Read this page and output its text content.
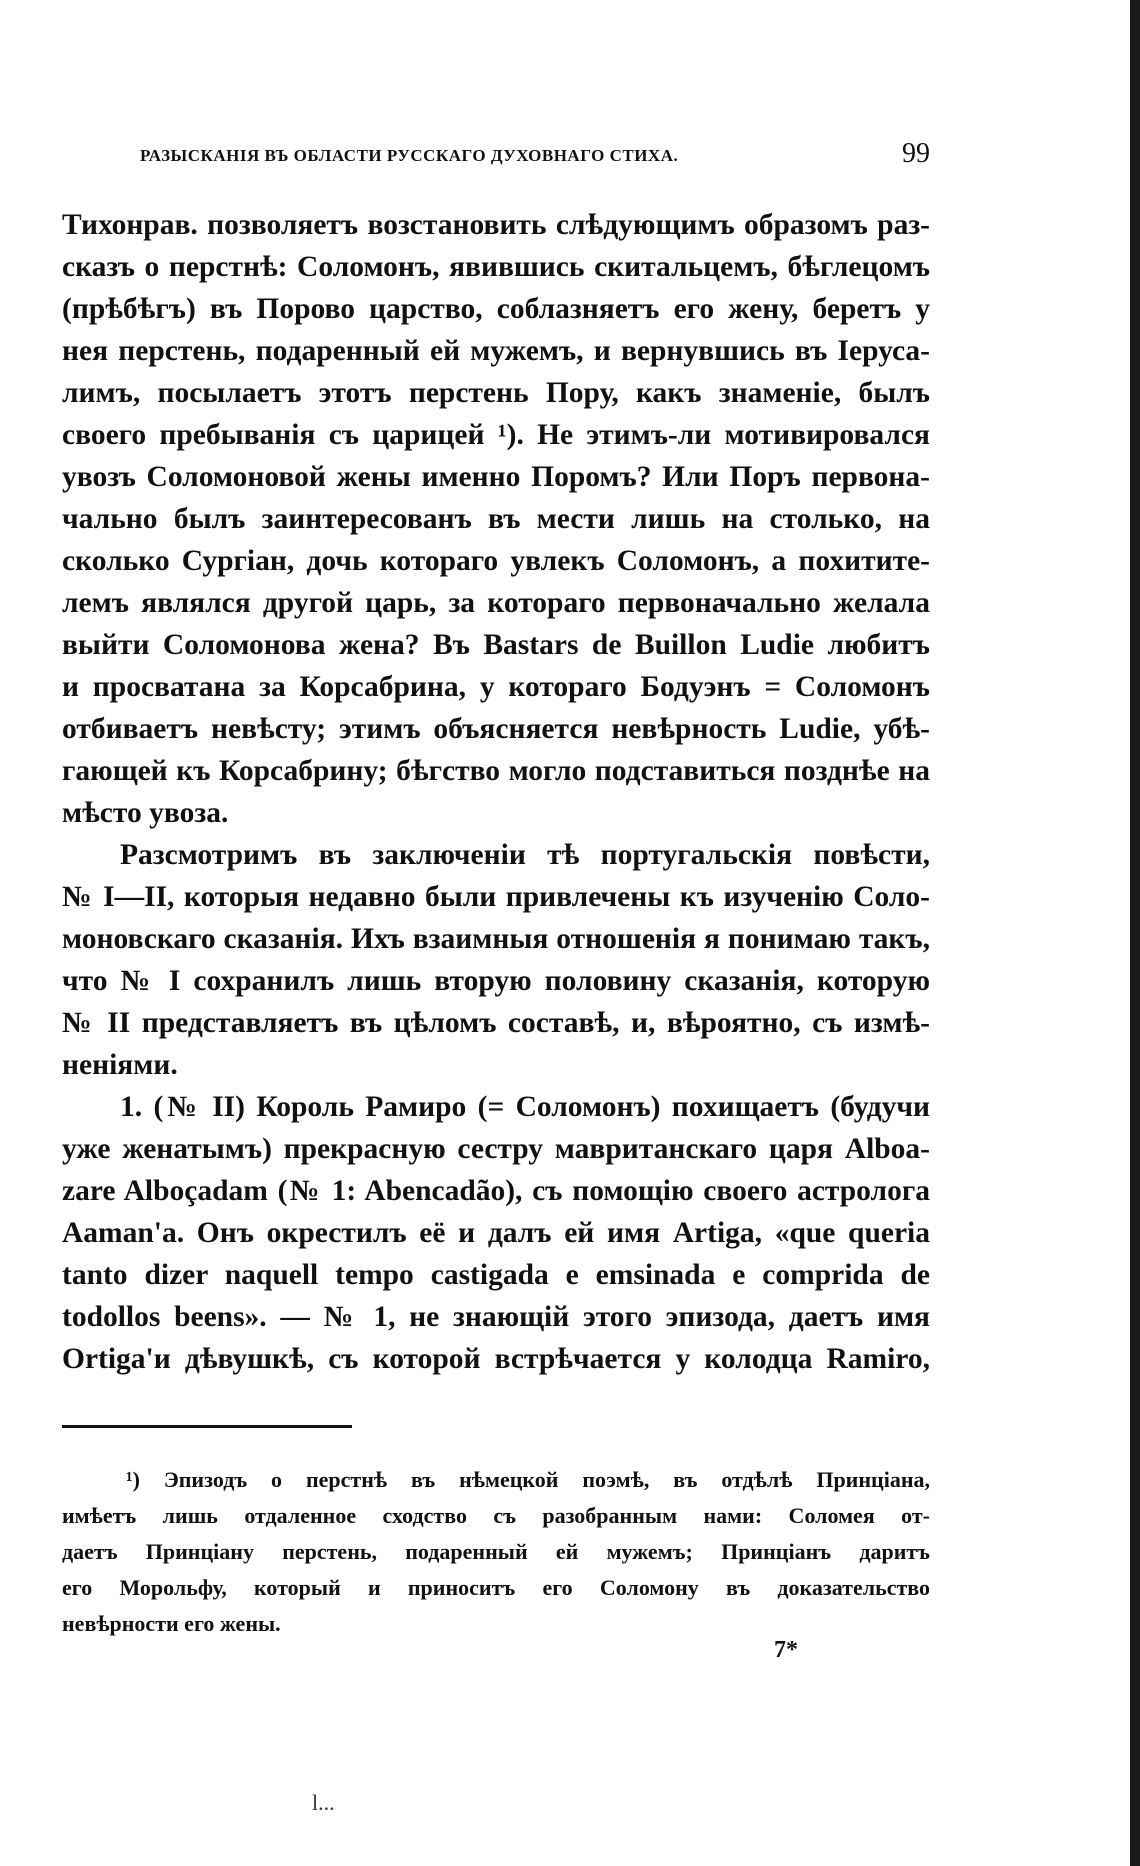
РАЗЫСКАНІЯ ВЪ ОБЛАСТИ РУССКАГО ДУХОВНАГО СТИХА.	99
Тихонрав. позволяетъ возстановить слѣдующимъ образомъ раз-
сказъ о перстнѣ: Соломонъ, явившись скитальцемъ, бѣглецомъ
(прѣбѣгъ) въ Порово царство, соблазняетъ его жену, беретъ у
нея перстень, подаренный ей мужемъ, и вернувшись въ Іеруса-
лимъ, посылаетъ этотъ перстень Пору, какъ знаменіе, былъ
своего пребыванія съ царицей ¹). Не этимъ-ли мотивировался
увозъ Соломоновой жены именно Поромъ? Или Поръ первона-
чально былъ заинтересованъ въ мести лишь на столько, на
сколько Сургіан, дочь котораго увлекъ Соломонъ, а похитите-
лемъ являлся другой царь, за котораго первоначально желала
выйти Соломонова жена? Въ Bastars de Buillon Ludie любитъ
и просватана за Корсабрина, у котораго Бодуэнъ = Соломонъ
отбиваетъ невѣсту; этимъ объясняется невѣрность Ludie, убѣ-
гающей къ Корсабрину; бѣгство могло подставиться позднѣе на
мѣсто увоза.
Разсмотримъ въ заключеніи тѣ португальскія повѣсти,
№ I—II, которыя недавно были привлечены къ изученію Соло-
моновскаго сказанія. Ихъ взаимныя отношенія я понимаю такъ,
что № I сохранилъ лишь вторую половину сказанія, которую
№ II представляетъ въ цѣломъ составѣ, и, вѣроятно, съ измѣ-
неніями.
1. (№ II) Король Рамиро (= Соломонъ) похищаетъ (будучи
уже женатымъ) прекрасную сестру мавританскаго царя Alboa-
zare Alboçadam (№ 1: Abencadão), съ помощію своего астролога
Aaman'a. Онъ окрестилъ её и далъ ей имя Artiga, «que queria
tanto dizer naquell tempo castigada e emsinada e comprida de
todollos beens». — № 1, не знающій этого эпизода, даетъ имя
Ortiga'и дѣвушкѣ, съ которой встрѣчается у колодца Ramiro,
¹) Эпизодъ о перстнѣ въ нѣмецкой поэмѣ, въ отдѣлѣ Принціана,
имѣетъ лишь отдаленное сходство съ разобранным нами: Соломея от-
даетъ Принціану перстень, подаренный ей мужемъ; Принціанъ даритъ
его Морольфу, который и приноситъ его Соломону въ доказательство
невѣрности его жены.
7*
l...
